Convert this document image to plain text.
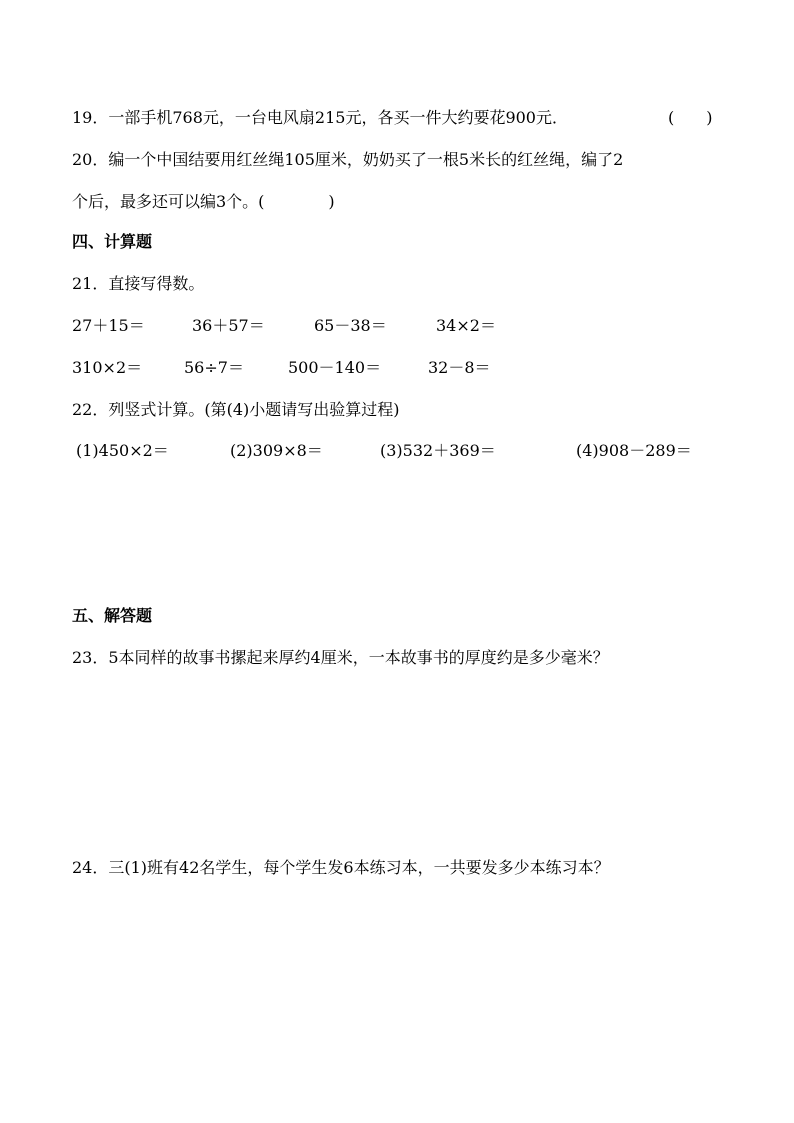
19．一部手机768元，一台电风扇215元，各买一件大约要花900元．	(　　)
20．编一个中国结要用红丝绳105厘米，奶奶买了一根5米长的红丝绳，编了2
个后，最多还可以编3个。(　　　　)
四、计算题
21．直接写得数。
27＋15＝	36＋57＝	65－38＝	34×2＝
310×2＝	56÷7＝	500－140＝	32－8＝
22．列竖式计算。(第(4)小题请写出验算过程)
(1)450×2＝	(2)309×8＝	(3)532＋369＝	(4)908－289＝
五、解答题
23．5本同样的故事书摞起来厚约4厘米，一本故事书的厚度约是多少毫米？
24．三(1)班有42名学生，每个学生发6本练习本，一共要发多少本练习本？
